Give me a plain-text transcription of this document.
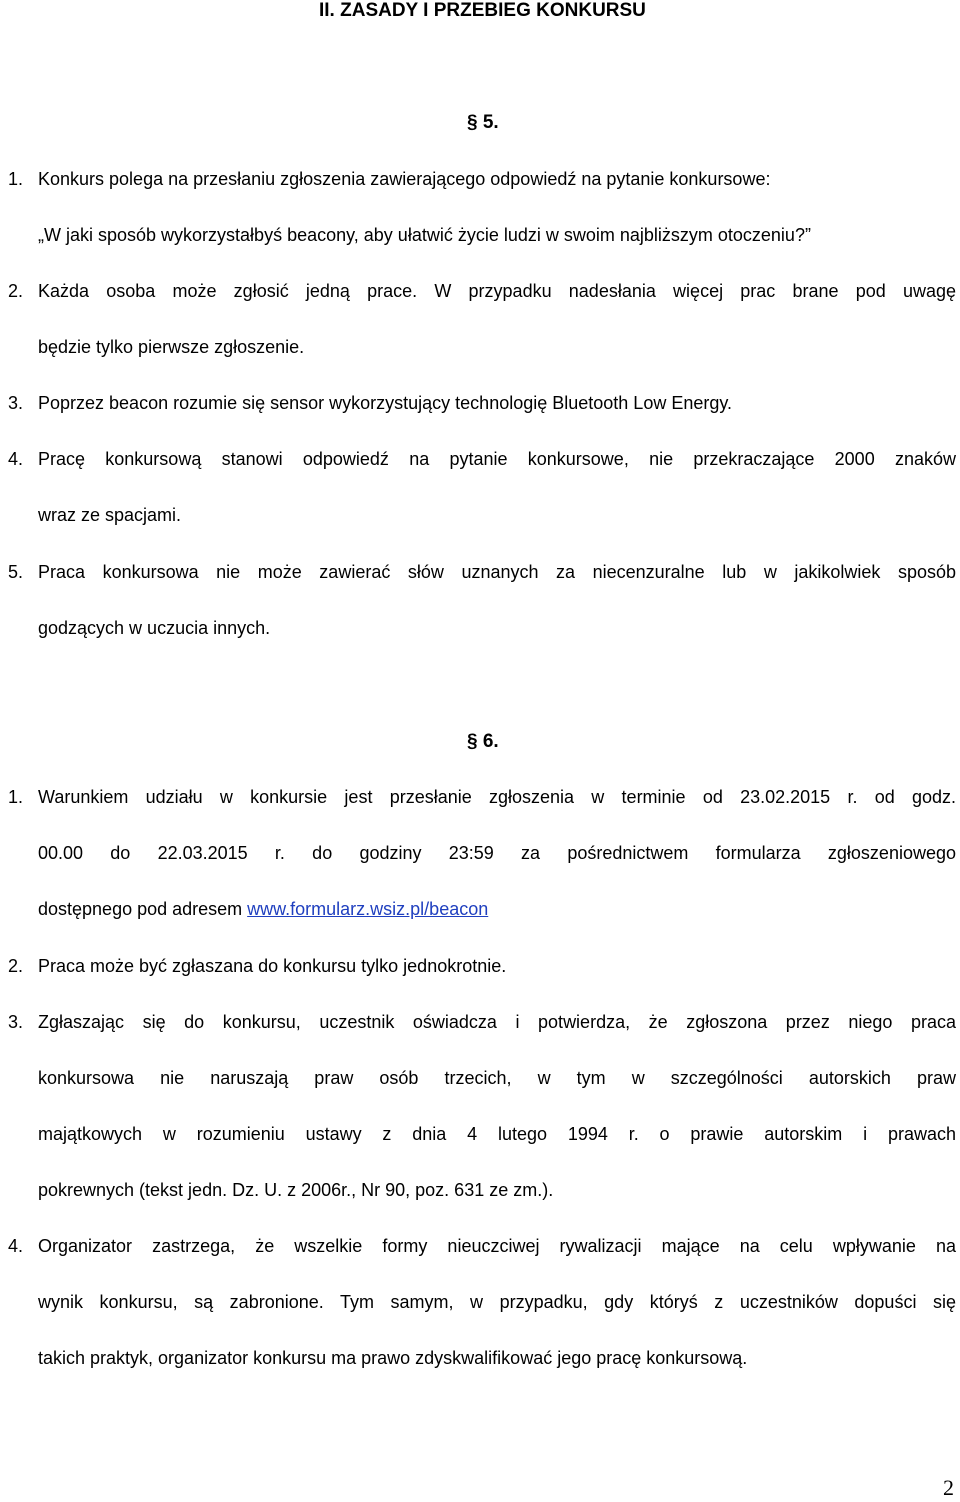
II. ZASADY I PRZEBIEG KONKURSU
§ 5.
1. Konkurs polega na przesłaniu zgłoszenia zawierającego odpowiedź na pytanie konkursowe:
„W jaki sposób wykorzystałbyś beacony, aby ułatwić życie ludzi w swoim najbliższym otoczeniu?”
2. Każda osoba może zgłosić jedną prace. W przypadku nadesłania więcej prac brane pod uwagę
będzie tylko pierwsze zgłoszenie.
3. Poprzez beacon rozumie się sensor wykorzystujący technologię Bluetooth Low Energy.
4. Pracę konkursową stanowi odpowiedź na pytanie konkursowe, nie przekraczające 2000 znaków
wraz ze spacjami.
5. Praca konkursowa nie może zawierać słów uznanych za niecenzuralne lub w jakikolwiek sposób
godzących w uczucia innych.
§ 6.
1. Warunkiem udziału w konkursie jest przesłanie zgłoszenia w terminie od 23.02.2015 r. od godz.
00.00 do 22.03.2015 r. do godziny 23:59 za pośrednictwem formularza zgłoszeniowego
dostępnego pod adresem www.formularz.wsiz.pl/beacon
2. Praca może być zgłaszana do konkursu tylko jednokrotnie.
3. Zgłaszając się do konkursu, uczestnik oświadcza i potwierdza, że zgłoszona przez niego praca
konkursowa nie naruszają praw osób trzecich, w tym w szczególności autorskich praw
majątkowych w rozumieniu ustawy z dnia 4 lutego 1994 r. o prawie autorskim i prawach
pokrewnych (tekst jedn. Dz. U. z 2006r., Nr 90, poz. 631 ze zm.).
4. Organizator zastrzega, że wszelkie formy nieuczciwej rywalizacji mające na celu wpływanie na
wynik konkursu, są zabronione. Tym samym, w przypadku, gdy któryś z uczestników dopuści się
takich praktyk, organizator konkursu ma prawo zdyskwalifikować jego pracę konkursową.
2
